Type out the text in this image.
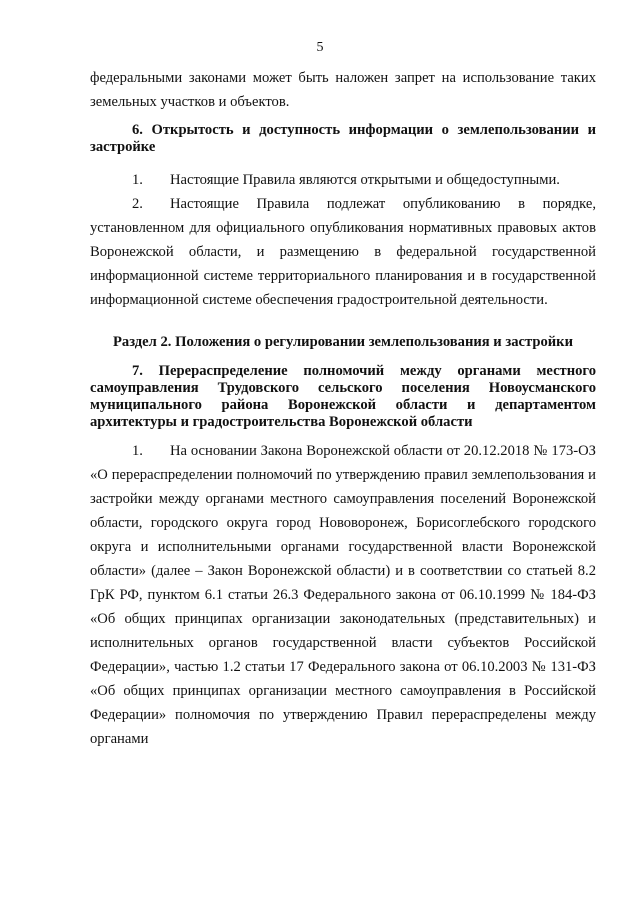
5

федеральными законами может быть наложен запрет на использование таких земельных участков и объектов.

6. Открытость и доступность информации о землепользовании и застройке

1. Настоящие Правила являются открытыми и общедоступными.

2. Настоящие Правила подлежат опубликованию в порядке, установленном для официального опубликования нормативных правовых актов Воронежской области, и размещению в федеральной государственной информационной системе территориального планирования и в государственной информационной системе обеспечения градостроительной деятельности.

Раздел 2. Положения о регулировании землепользования и застройки

7. Перераспределение полномочий между органами местного самоуправления Трудовского сельского поселения Новоусманского муниципального района Воронежской области и департаментом архитектуры и градостроительства Воронежской области

1. На основании Закона Воронежской области от 20.12.2018 № 173-ОЗ «О перераспределении полномочий по утверждению правил землепользования и застройки между органами местного самоуправления поселений Воронежской области, городского округа город Нововоронеж, Борисоглебского городского округа и исполнительными органами государственной власти Воронежской области» (далее – Закон Воронежской области) и в соответствии со статьей 8.2 ГрК РФ, пунктом 6.1 статьи 26.3 Федерального закона от 06.10.1999 № 184-ФЗ «Об общих принципах организации законодательных (представительных) и исполнительных органов государственной власти субъектов Российской Федерации», частью 1.2 статьи 17 Федерального закона от 06.10.2003 № 131-ФЗ «Об общих принципах организации местного самоуправления в Российской Федерации» полномочия по утверждению Правил перераспределены между органами
